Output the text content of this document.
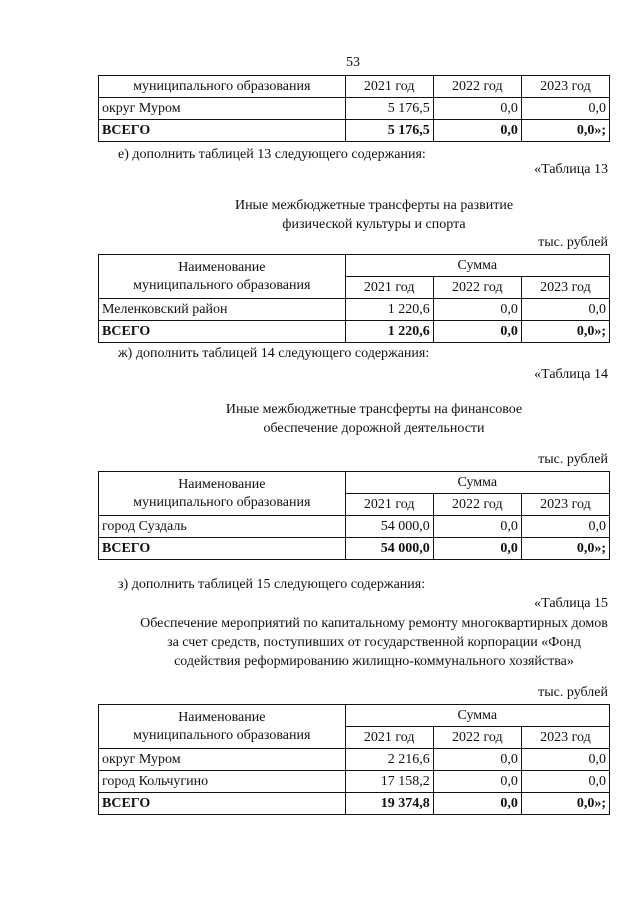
53
муниципального образования	2021 год	2022 год	2023 год
округ Муром	5 176,5	0,0	0,0
ВСЕГО	5 176,5	0,0	0,0»;
е) дополнить таблицей 13 следующего содержания:
«Таблица 13
Иные межбюджетные трансферты на развитие
физической культуры и спорта
тыс. рублей
Наименование
муниципального образования	Сумма		
	2021 год	2022 год	2023 год
Меленковский район	1 220,6	0,0	0,0
ВСЕГО	1 220,6	0,0	0,0»;
ж) дополнить таблицей 14 следующего содержания:
«Таблица 14
Иные межбюджетные трансферты на финансовое
обеспечение дорожной деятельности
тыс. рублей
Наименование
муниципального образования	Сумма		
	2021 год	2022 год	2023 год
город Суздаль	54 000,0	0,0	0,0
ВСЕГО	54 000,0	0,0	0,0»;
з) дополнить таблицей 15 следующего содержания:
«Таблица 15
Обеспечение мероприятий по капитальному ремонту многоквартирных домов
за счет средств, поступивших от государственной корпорации «Фонд
содействия реформированию жилищно-коммунального хозяйства»
тыс. рублей
Наименование
муниципального образования	Сумма		
	2021 год	2022 год	2023 год
округ Муром	2 216,6	0,0	0,0
город Кольчугино	17 158,2	0,0	0,0
ВСЕГО	19 374,8	0,0	0,0»;
